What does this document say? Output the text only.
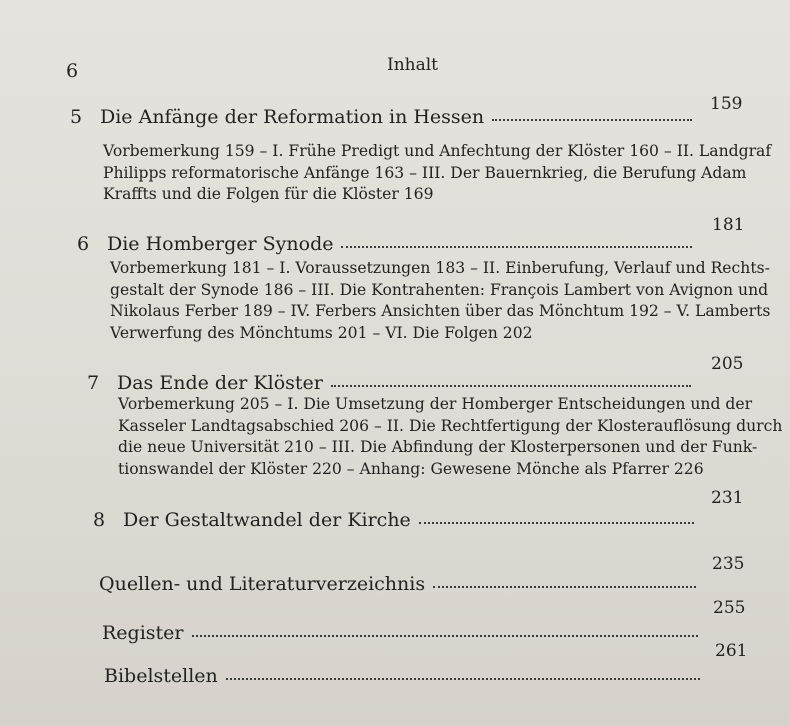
6	Inhalt
5 Die Anfänge der Reformation in Hessen
159
Vorbemerkung 159 – I. Frühe Predigt und Anfechtung der Klöster 160 – II. Landgraf
Philipps reformatorische Anfänge 163 – III. Der Bauernkrieg, die Berufung Adam
Kraffts und die Folgen für die Klöster 169
6 Die Homberger Synode
181
Vorbemerkung 181 – I. Voraussetzungen 183 – II. Einberufung, Verlauf und Rechts-
gestalt der Synode 186 – III. Die Kontrahenten: François Lambert von Avignon und
Nikolaus Ferber 189 – IV. Ferbers Ansichten über das Mönchtum 192 – V. Lamberts
Verwerfung des Mönchtums 201 – VI. Die Folgen 202
7 Das Ende der Klöster
205
Vorbemerkung 205 – I. Die Umsetzung der Homberger Entscheidungen und der
Kasseler Landtagsabschied 206 – II. Die Rechtfertigung der Klosterauflösung durch
die neue Universität 210 – III. Die Abfindung der Klosterpersonen und der Funk-
tionswandel der Klöster 220 – Anhang: Gewesene Mönche als Pfarrer 226
8 Der Gestaltwandel der Kirche
231
Quellen- und Literaturverzeichnis
235
Register
255
Bibelstellen
261
